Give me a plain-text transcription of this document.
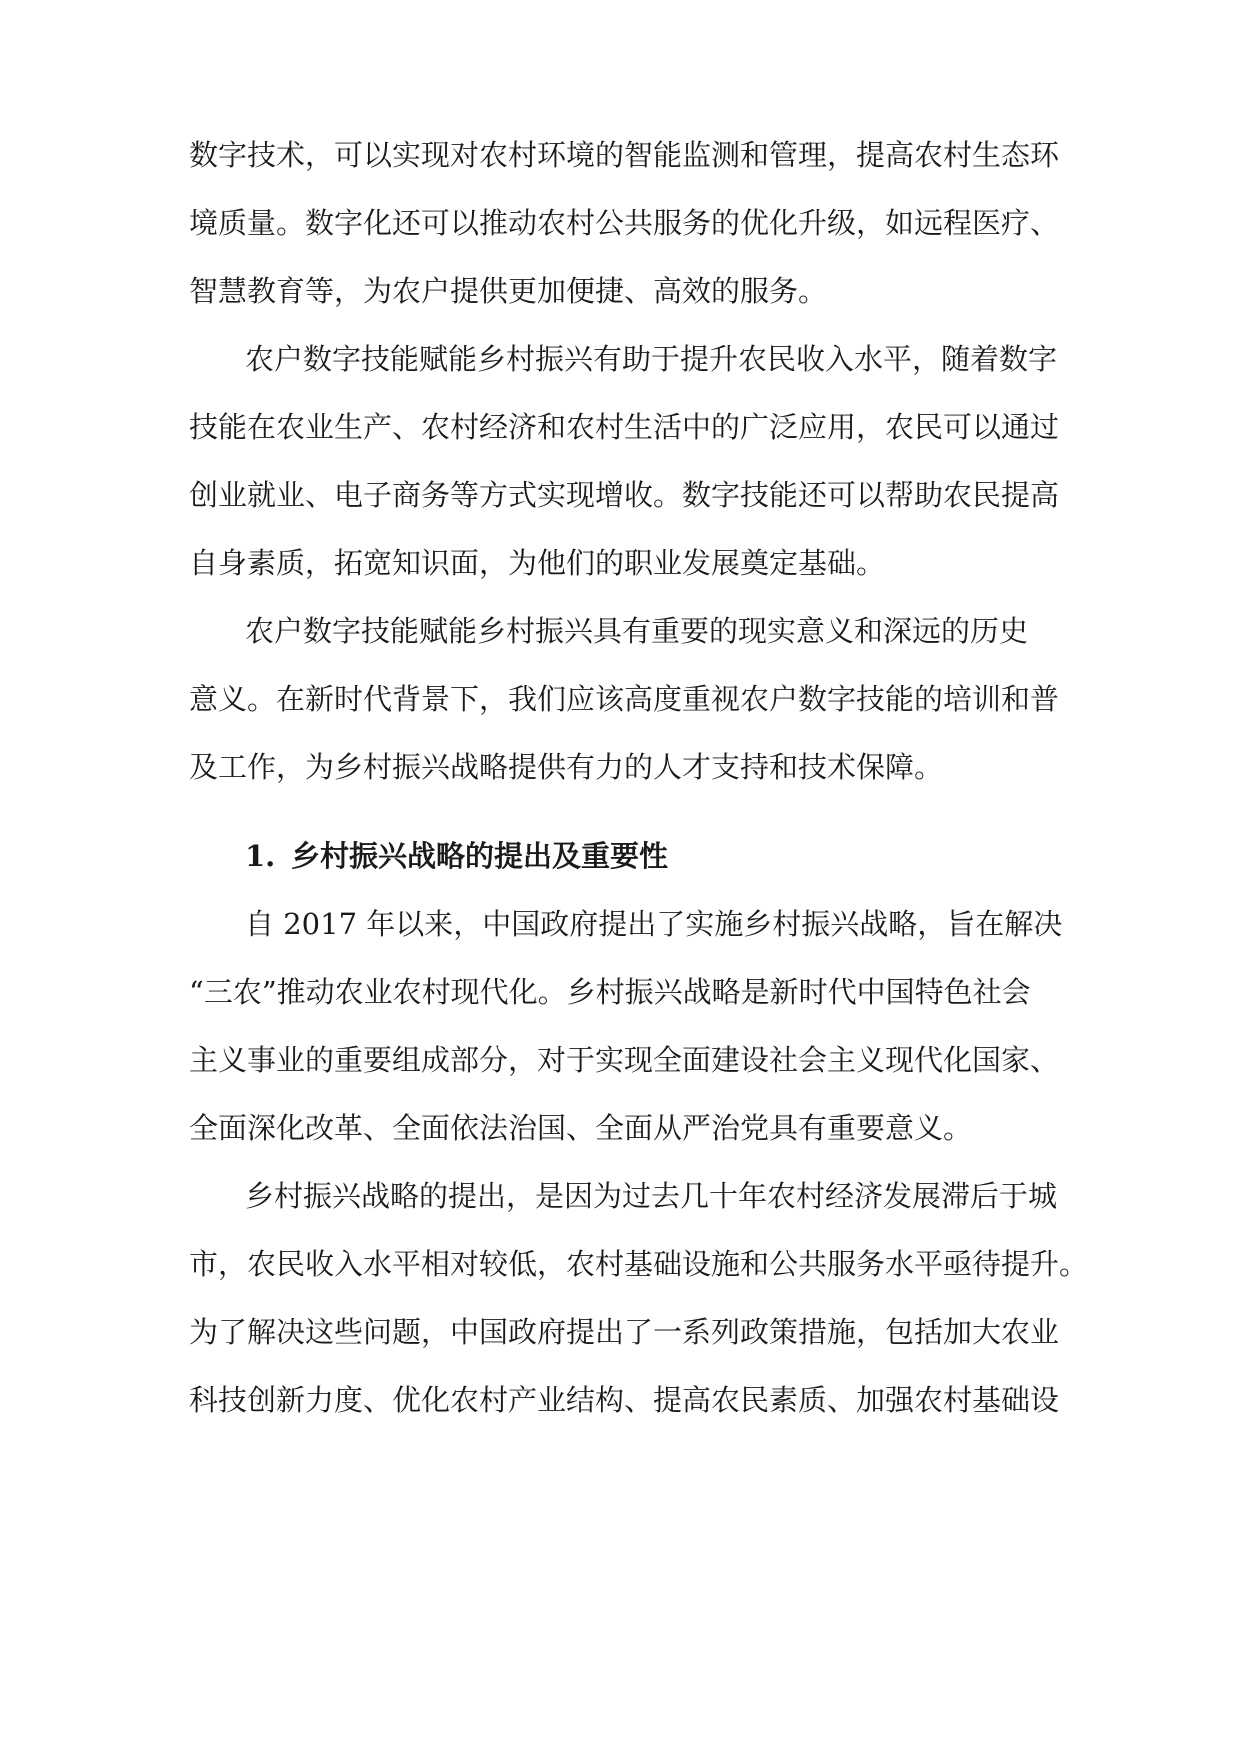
数字技术，可以实现对农村环境的智能监测和管理，提高农村生态环
境质量。数字化还可以推动农村公共服务的优化升级，如远程医疗、
智慧教育等，为农户提供更加便捷、高效的服务。
农户数字技能赋能乡村振兴有助于提升农民收入水平，随着数字
技能在农业生产、农村经济和农村生活中的广泛应用，农民可以通过
创业就业、电子商务等方式实现增收。数字技能还可以帮助农民提高
自身素质，拓宽知识面，为他们的职业发展奠定基础。
农户数字技能赋能乡村振兴具有重要的现实意义和深远的历史
意义。在新时代背景下，我们应该高度重视农户数字技能的培训和普
及工作，为乡村振兴战略提供有力的人才支持和技术保障。
1. 乡村振兴战略的提出及重要性
自 2017 年以来，中国政府提出了实施乡村振兴战略，旨在解决
“三农”推动农业农村现代化。乡村振兴战略是新时代中国特色社会
主义事业的重要组成部分，对于实现全面建设社会主义现代化国家、
全面深化改革、全面依法治国、全面从严治党具有重要意义。
乡村振兴战略的提出，是因为过去几十年农村经济发展滞后于城
市，农民收入水平相对较低，农村基础设施和公共服务水平亟待提升。
为了解决这些问题，中国政府提出了一系列政策措施，包括加大农业
科技创新力度、优化农村产业结构、提高农民素质、加强农村基础设
